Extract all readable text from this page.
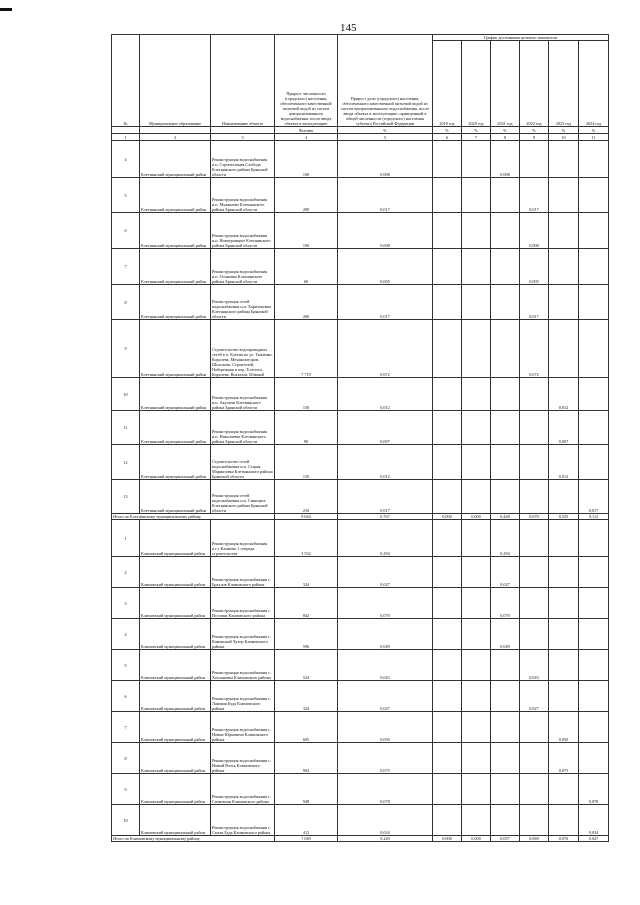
145
№	Муниципальное образование	Наименование объекта	Прирост численности (городского) населения, обеспеченного качественной питьевой водой из систем централизованного водоснабжения, после ввода объекта в эксплуатацию	Прирост доли (городского) населения, обеспеченного качественной питьевой водой из систем централизованного водоснабжения, после ввода объекта в эксплуатацию, приведенный к общей численности (городского) населения субъекта Российской Федерации	График достижения целевого показателя					
					2019 год	2020 год	2021 год	2022 год	2023 год	2024 год
			Человек	%	%	%	%	%	%	%
1	2	3	4	5	6	7	8	9	10	11
4	Клетнянский муниципальный район	Реконструкция водоснабжения п.п. Строительная Слобода Клетнянского района Брянской области	100	0,008			0,008			
5	Клетнянский муниципальный район	Реконструкция водоснабжения н.п. Мужиново Клетнянского района Брянской области	200	0,017				0,017		
6	Клетнянский муниципальный район	Реконструкция водоснабжения н.п. Новотроицкое Клетнянского района Брянской области	100	0,008				0,008		
7	Клетнянский муниципальный район	Реконструкция водоснабжения н.п. Осиновка Клетнянского района Брянской области	60	0,005				0,005		
8	Клетнянский муниципальный район	Реконструкция сетей водоснабжения н.п. Харитоновка Клетнянского района Брянской области	200	0,017				0,017		
9	Клетнянский муниципальный район	Строительство водопроводных сетей в п. Клетня по ул. Ткаченко, Королева, Механизаторов, Шолохова, Строителей, Набережная и пер. Толстого, Королева, Вокзалов, Южный	7 719	0,672				0,672		
10	Клетнянский муниципальный район	Реконструкция водоснабжения н.п. Акуличи Клетнянского района Брянской области	150	0,012					0,012	
11	Клетнянский муниципальный район	Реконструкция водоснабжения н.п. Николаевка Клетнянского района Брянской области	90	0,007					0,007	
12	Клетнянский муниципальный район	Строительство сетей водоснабжения н.п. Старая Мармазовка Клетнянского района Брянской области	150	0,012					0,012	
13	Клетнянский муниципальный район	Реконструкция сетей водоснабжения н.п. Синицкое Клетнянского района Брянской области	210	0,017						0,017
Итого по Клетнянскому муниципальному району			9 044	0,767	0,000	0,000	0,448	0,070	0,325	0,112
1	Климовский муниципальный район	Реконструкция водоснабжения п.г.т Климово 1 очередь строительства	3 532	0,294			0,294			
2	Климовский муниципальный район	Реконструкция водоснабжения с. Брахлов Климовского района	324	0,027			0,027			
3	Климовский муниципальный район	Реконструкция водоснабжения с. Истопки Климовского района	842	0,070			0,070			
4	Климовский муниципальный район	Реконструкция водоснабжения с. Каменский Хутор Климовского района	596	0,049			0,049			
5	Климовский муниципальный район	Реконструкция водоснабжения с. Хохлановка Климовского района	524	0,043				0,043		
6	Климовский муниципальный район	Реконструкция водоснабжения с. Лакомая Буда Климовского района	324	0,027				0,027		
7	Климовский муниципальный район	Реконструкция водоснабжения с. Новые Юрковичи Климовского района	605	0,050					0,050	
8	Климовский муниципальный район	Реконструкция водоснабжения с. Новый Ропск Климовского района	904	0,075					0,075	
9	Климовский муниципальный район	Реконструкция водоснабжения с. Сачковичи Климовского района	948	0,078						0,078
10	Климовский муниципальный район	Реконструкция водоснабжения с. Сытая Буда Климовского района	412	0,034						0,034
Итого по Климовскому муниципальному району			7 049	0,249	0,000	0,000	0,057	0,069	0,076	0,047
